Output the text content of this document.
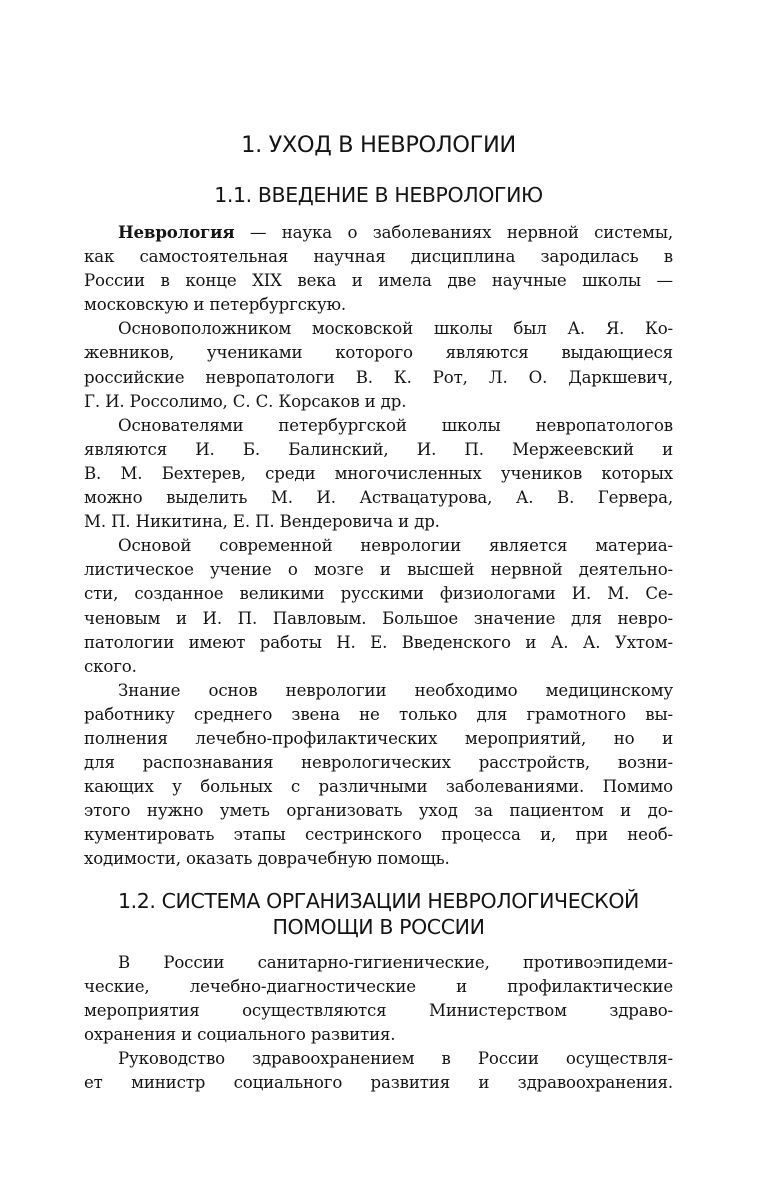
1. УХОД В НЕВРОЛОГИИ
1.1. ВВЕДЕНИЕ В НЕВРОЛОГИЮ

Неврология — наука о заболеваниях нервной системы,
как самостоятельная научная дисциплина зародилась в
России в конце XIX века и имела две научные школы —
московскую и петербургскую.

Основоположником московской школы был А. Я. Ко-
жевников, учениками которого являются выдающиеся
российские невропатологи В. К. Рот, Л. О. Даркшевич,
Г. И. Россолимо, С. С. Корсаков и др.

Основателями петербургской школы невропатологов
являются И. Б. Балинский, И. П. Мержеевский и
В. М. Бехтерев, среди многочисленных учеников которых
можно выделить М. И. Аствацатурова, А. В. Гервера,
М. П. Никитина, Е. П. Вендеровича и др.

Основой современной неврологии является материа-
листическое учение о мозге и высшей нервной деятельно-
сти, созданное великими русскими физиологами И. М. Се-
ченовым и И. П. Павловым. Большое значение для невро-
патологии имеют работы Н. Е. Введенского и А. А. Ухтом-
ского.

Знание основ неврологии необходимо медицинскому
работнику среднего звена не только для грамотного вы-
полнения лечебно-профилактических мероприятий, но и
для распознавания неврологических расстройств, возни-
кающих у больных с различными заболеваниями. Помимо
этого нужно уметь организовать уход за пациентом и до-
кументировать этапы сестринского процесса и, при необ-
ходимости, оказать доврачебную помощь.

1.2. СИСТЕМА ОРГАНИЗАЦИИ НЕВРОЛОГИЧЕСКОЙ
ПОМОЩИ В РОССИИ

В России санитарно-гигиенические, противоэпидеми-
ческие, лечебно-диагностические и профилактические
мероприятия осуществляются Министерством здраво-
охранения и социального развития.

Руководство здравоохранением в России осуществля-
ет министр социального развития и здравоохранения.
